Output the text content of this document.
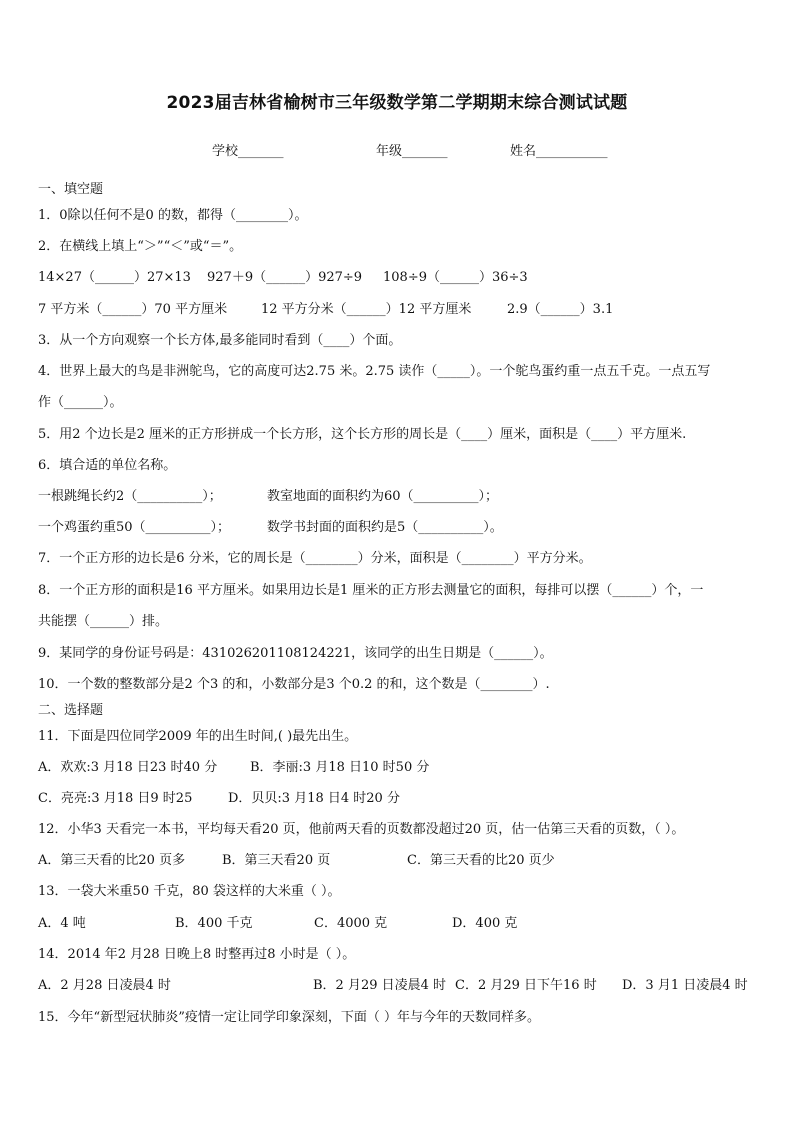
2023届吉林省榆树市三年级数学第二学期期末综合测试试题
学校_______	年级_______	姓名___________
一、填空题
1．0除以任何不是0 的数，都得（________）。
2．在横线上填上“＞”“＜”或“＝”。
14×27（______）27×13 927＋9（______）927÷9 108÷9（______）36÷3
7 平方米（______）70 平方厘米	12 平方分米（______）12 平方厘米	2.9（______）3.1
3．从一个方向观察一个长方体,最多能同时看到（____）个面。
4．世界上最大的鸟是非洲鸵鸟，它的高度可达2.75 米。2.75 读作（_____）。一个鸵鸟蛋约重一点五千克。一点五写
作（______）。
5．用2 个边长是2 厘米的正方形拼成一个长方形，这个长方形的周长是（____）厘米，面积是（____）平方厘米.
6．填合适的单位名称。
一根跳绳长约2（__________）；	教室地面的面积约为60（__________）；
一个鸡蛋约重50（__________）；	数学书封面的面积约是5（__________）。
7．一个正方形的边长是6 分米，它的周长是（________）分米，面积是（________）平方分米。
8．一个正方形的面积是16 平方厘米。如果用边长是1 厘米的正方形去测量它的面积，每排可以摆（______）个，一
共能摆（______）排。
9．某同学的身份证号码是：431026201108124221，该同学的出生日期是（______）。
10．一个数的整数部分是2 个3 的和，小数部分是3 个0.2 的和，这个数是（________）.
二、选择题
11．下面是四位同学2009 年的出生时间,( )最先出生。
A．欢欢:3 月18 日23 时40 分	B．李丽:3 月18 日10 时50 分
C．亮亮:3 月18 日9 时25	D．贝贝:3 月18 日4 时20 分
12．小华3 天看完一本书，平均每天看20 页，他前两天看的页数都没超过20 页，估一估第三天看的页数，（ ）。
A．第三天看的比20 页多	B．第三天看20 页	C．第三天看的比20 页少
13．一袋大米重50 千克，80 袋这样的大米重（ ）。
A．4 吨	B．400 千克	C．4000 克	D．400 克
14．2014 年2 月28 日晚上8 时整再过8 小时是（ ）。
A．2 月28 日凌晨4 时	B．2 月29 日凌晨4 时 C．2 月29 日下午16 时 D．3 月1 日凌晨4 时
15．今年“新型冠状肺炎”疫情一定让同学印象深刻，下面（ ）年与今年的天数同样多。
